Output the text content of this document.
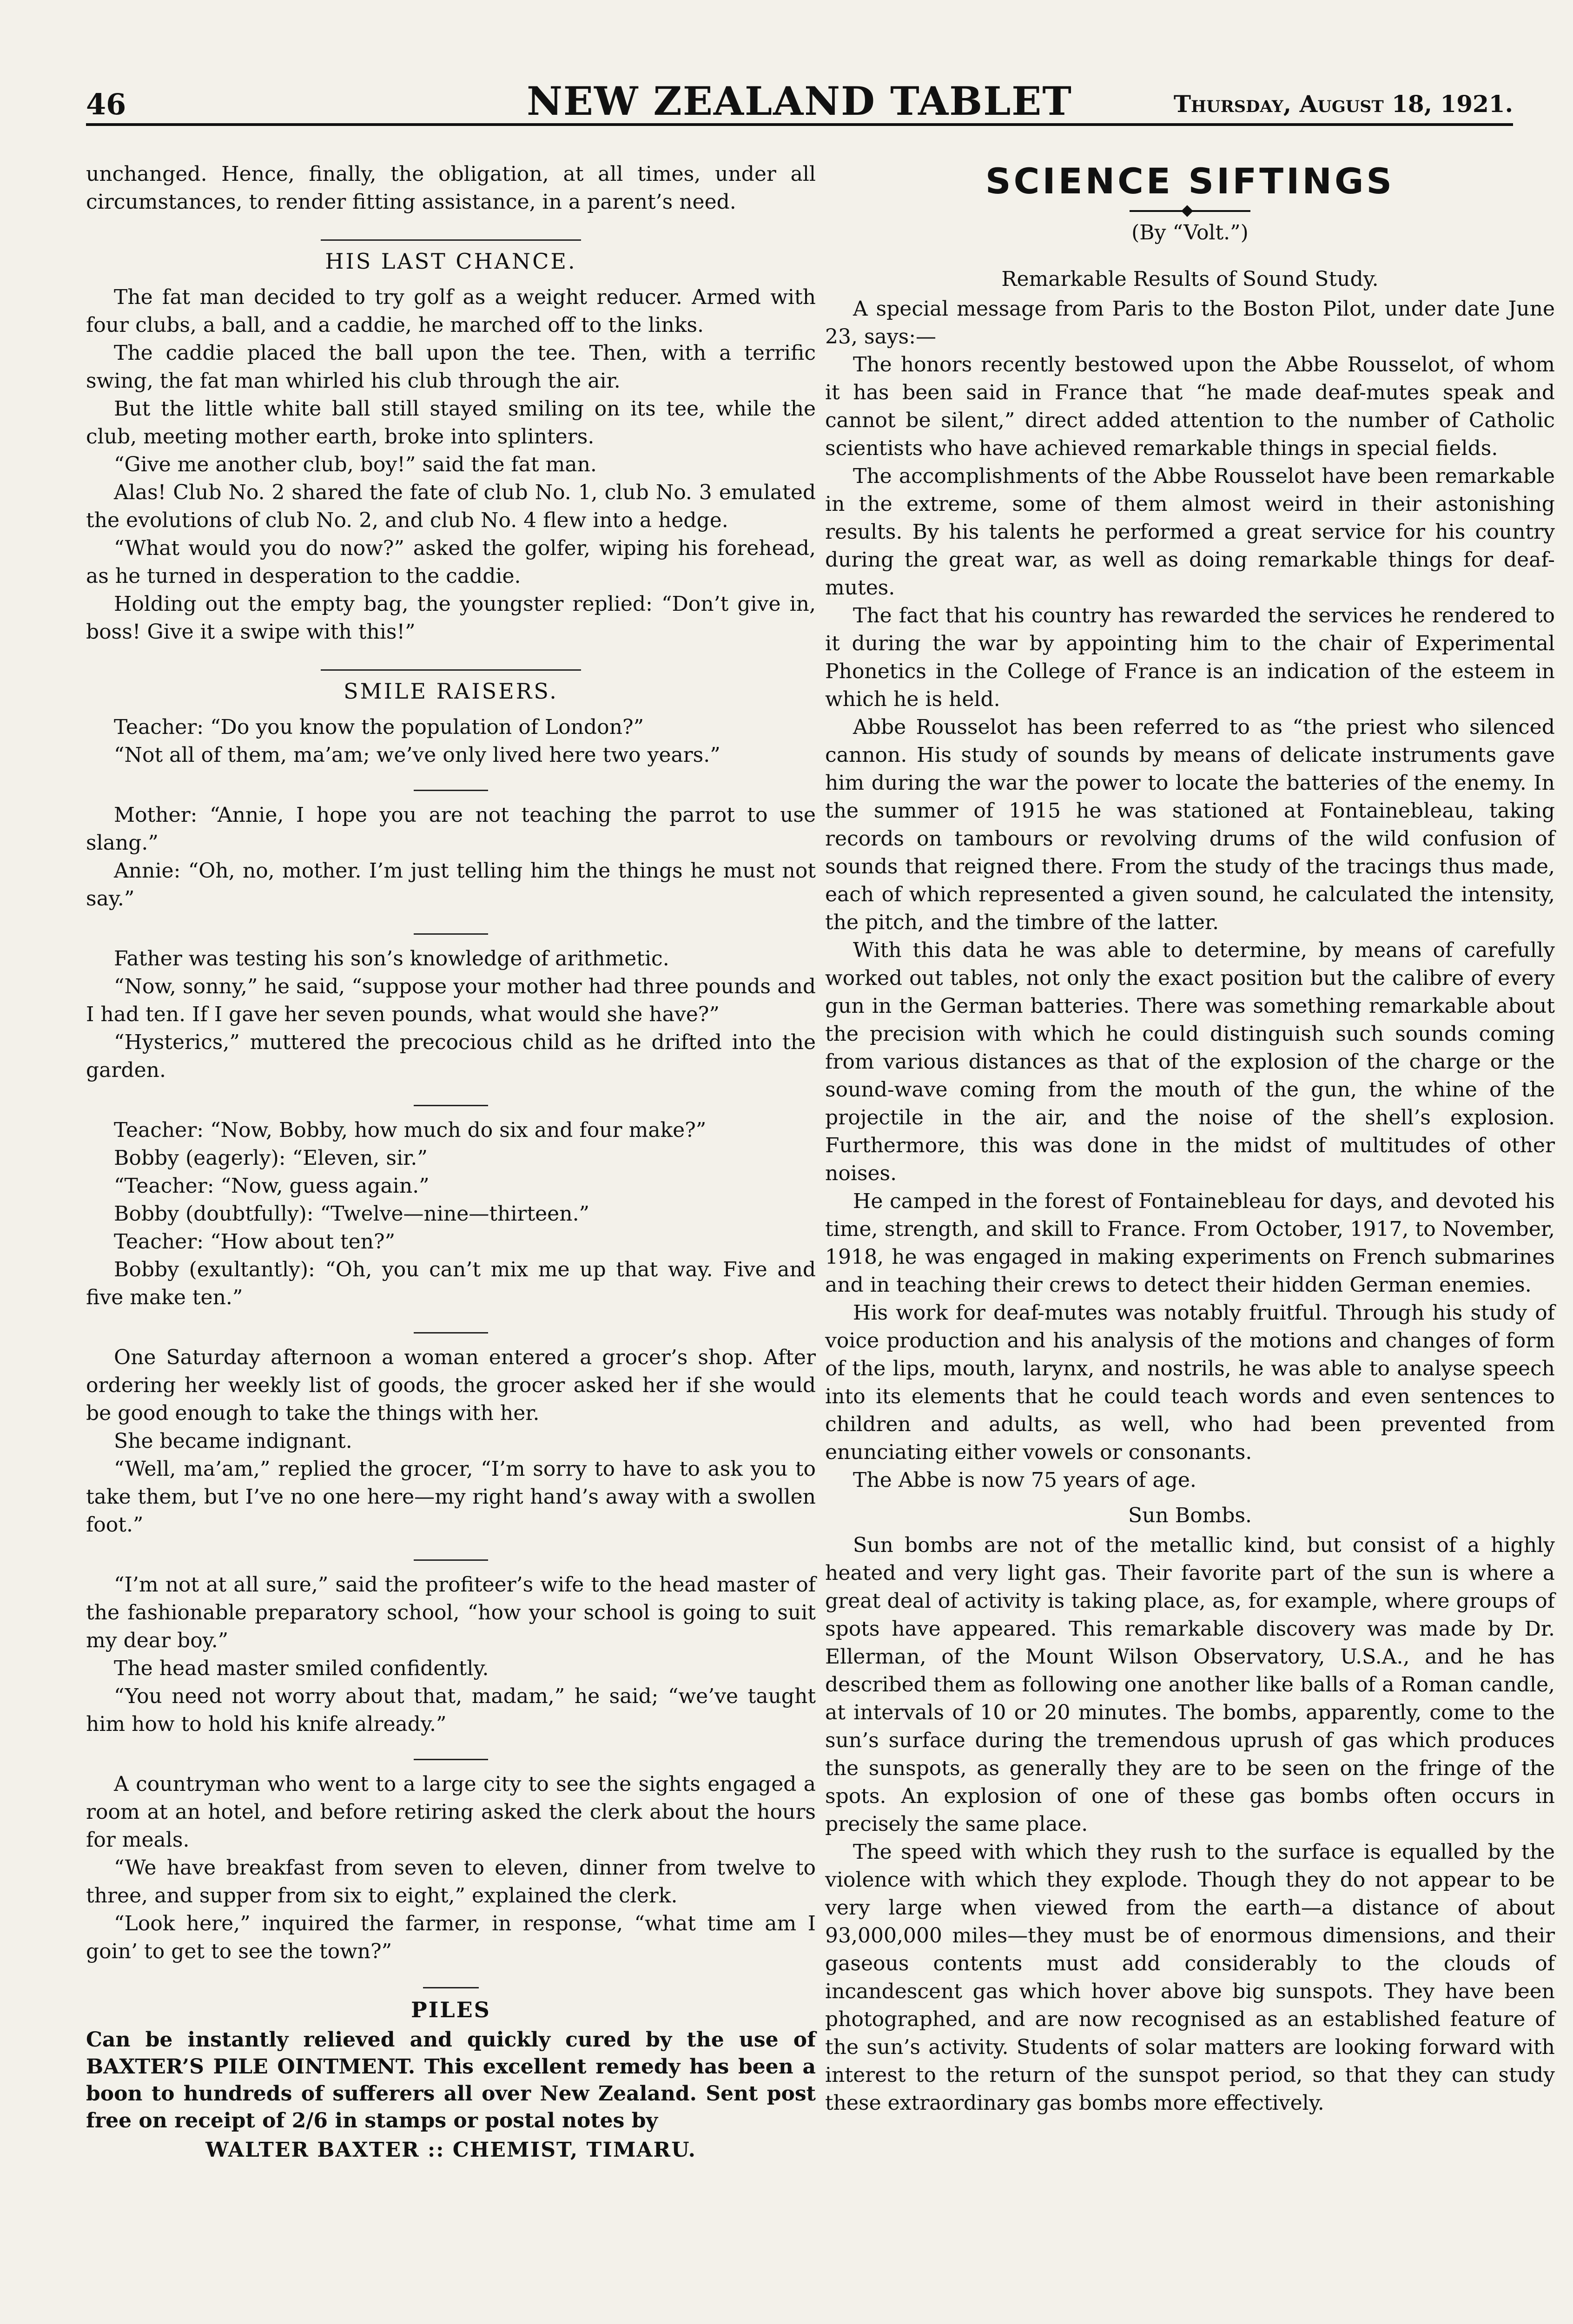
46	NEW ZEALAND TABLET	Thursday, August 18, 1921.

unchanged. Hence, finally, the obligation, at all times, under all circumstances, to render fitting assistance, in a parent’s need.

HIS LAST CHANCE.

The fat man decided to try golf as a weight reducer. Armed with four clubs, a ball, and a caddie, he marched off to the links.

The caddie placed the ball upon the tee. Then, with a terrific swing, the fat man whirled his club through the air.

But the little white ball still stayed smiling on its tee, while the club, meeting mother earth, broke into splinters.

“Give me another club, boy!” said the fat man.

Alas! Club No. 2 shared the fate of club No. 1, club No. 3 emulated the evolutions of club No. 2, and club No. 4 flew into a hedge.

“What would you do now?” asked the golfer, wiping his forehead, as he turned in desperation to the caddie.

Holding out the empty bag, the youngster replied: “Don’t give in, boss! Give it a swipe with this!”

SMILE RAISERS.

Teacher: “Do you know the population of London?”

“Not all of them, ma’am; we’ve only lived here two years.”

Mother: “Annie, I hope you are not teaching the parrot to use slang.”

Annie: “Oh, no, mother. I’m just telling him the things he must not say.”

Father was testing his son’s knowledge of arithmetic.

“Now, sonny,” he said, “suppose your mother had three pounds and I had ten. If I gave her seven pounds, what would she have?”

“Hysterics,” muttered the precocious child as he drifted into the garden.

Teacher: “Now, Bobby, how much do six and four make?”

Bobby (eagerly): “Eleven, sir.”

“Teacher: “Now, guess again.”

Bobby (doubtfully): “Twelve—nine—thirteen.”

Teacher: “How about ten?”

Bobby (exultantly): “Oh, you can’t mix me up that way. Five and five make ten.”

One Saturday afternoon a woman entered a grocer’s shop. After ordering her weekly list of goods, the grocer asked her if she would be good enough to take the things with her.

She became indignant.

“Well, ma’am,” replied the grocer, “I’m sorry to have to ask you to take them, but I’ve no one here—my right hand’s away with a swollen foot.”

“I’m not at all sure,” said the profiteer’s wife to the head master of the fashionable preparatory school, “how your school is going to suit my dear boy.”

The head master smiled confidently.

“You need not worry about that, madam,” he said; “we’ve taught him how to hold his knife already.”

A countryman who went to a large city to see the sights engaged a room at an hotel, and before retiring asked the clerk about the hours for meals.

“We have breakfast from seven to eleven, dinner from twelve to three, and supper from six to eight,” explained the clerk.

“Look here,” inquired the farmer, in response, “what time am I goin’ to get to see the town?”

PILES
Can be instantly relieved and quickly cured by the use of BAXTER’S PILE OINTMENT. This excellent remedy has been a boon to hundreds of sufferers all over New Zealand. Sent post free on receipt of 2/6 in stamps or postal notes by
WALTER BAXTER :: CHEMIST, TIMARU.
SCIENCE SIFTINGS
(By “Volt.”)
Remarkable Results of Sound Study.

A special message from Paris to the Boston Pilot, under date June 23, says:—

The honors recently bestowed upon the Abbe Rousselot, of whom it has been said in France that “he made deaf-mutes speak and cannot be silent,” direct added attention to the number of Catholic scientists who have achieved remarkable things in special fields.

The accomplishments of the Abbe Rousselot have been remarkable in the extreme, some of them almost weird in their astonishing results. By his talents he performed a great service for his country during the great war, as well as doing remarkable things for deaf-mutes.

The fact that his country has rewarded the services he rendered to it during the war by appointing him to the chair of Experimental Phonetics in the College of France is an indication of the esteem in which he is held.

Abbe Rousselot has been referred to as “the priest who silenced cannon. His study of sounds by means of delicate instruments gave him during the war the power to locate the batteries of the enemy. In the summer of 1915 he was stationed at Fontainebleau, taking records on tambours or revolving drums of the wild confusion of sounds that reigned there. From the study of the tracings thus made, each of which represented a given sound, he calculated the intensity, the pitch, and the timbre of the latter.

With this data he was able to determine, by means of carefully worked out tables, not only the exact position but the calibre of every gun in the German batteries. There was something remarkable about the precision with which he could distinguish such sounds coming from various distances as that of the explosion of the charge or the sound-wave coming from the mouth of the gun, the whine of the projectile in the air, and the noise of the shell’s explosion. Furthermore, this was done in the midst of multitudes of other noises.

He camped in the forest of Fontainebleau for days, and devoted his time, strength, and skill to France. From October, 1917, to November, 1918, he was engaged in making experiments on French submarines and in teaching their crews to detect their hidden German enemies.

His work for deaf-mutes was notably fruitful. Through his study of voice production and his analysis of the motions and changes of form of the lips, mouth, larynx, and nostrils, he was able to analyse speech into its elements that he could teach words and even sentences to children and adults, as well, who had been prevented from enunciating either vowels or consonants.

The Abbe is now 75 years of age.

Sun Bombs.

Sun bombs are not of the metallic kind, but consist of a highly heated and very light gas. Their favorite part of the sun is where a great deal of activity is taking place, as, for example, where groups of spots have appeared. This remarkable discovery was made by Dr. Ellerman, of the Mount Wilson Observatory, U.S.A., and he has described them as following one another like balls of a Roman candle, at intervals of 10 or 20 minutes. The bombs, apparently, come to the sun’s surface during the tremendous uprush of gas which produces the sunspots, as generally they are to be seen on the fringe of the spots. An explosion of one of these gas bombs often occurs in precisely the same place.

The speed with which they rush to the surface is equalled by the violence with which they explode. Though they do not appear to be very large when viewed from the earth—a distance of about 93,000,000 miles—they must be of enormous dimensions, and their gaseous contents must add considerably to the clouds of incandescent gas which hover above big sunspots. They have been photographed, and are now recognised as an established feature of the sun’s activity. Students of solar matters are looking forward with interest to the return of the sunspot period, so that they can study these extraordinary gas bombs more effectively.
